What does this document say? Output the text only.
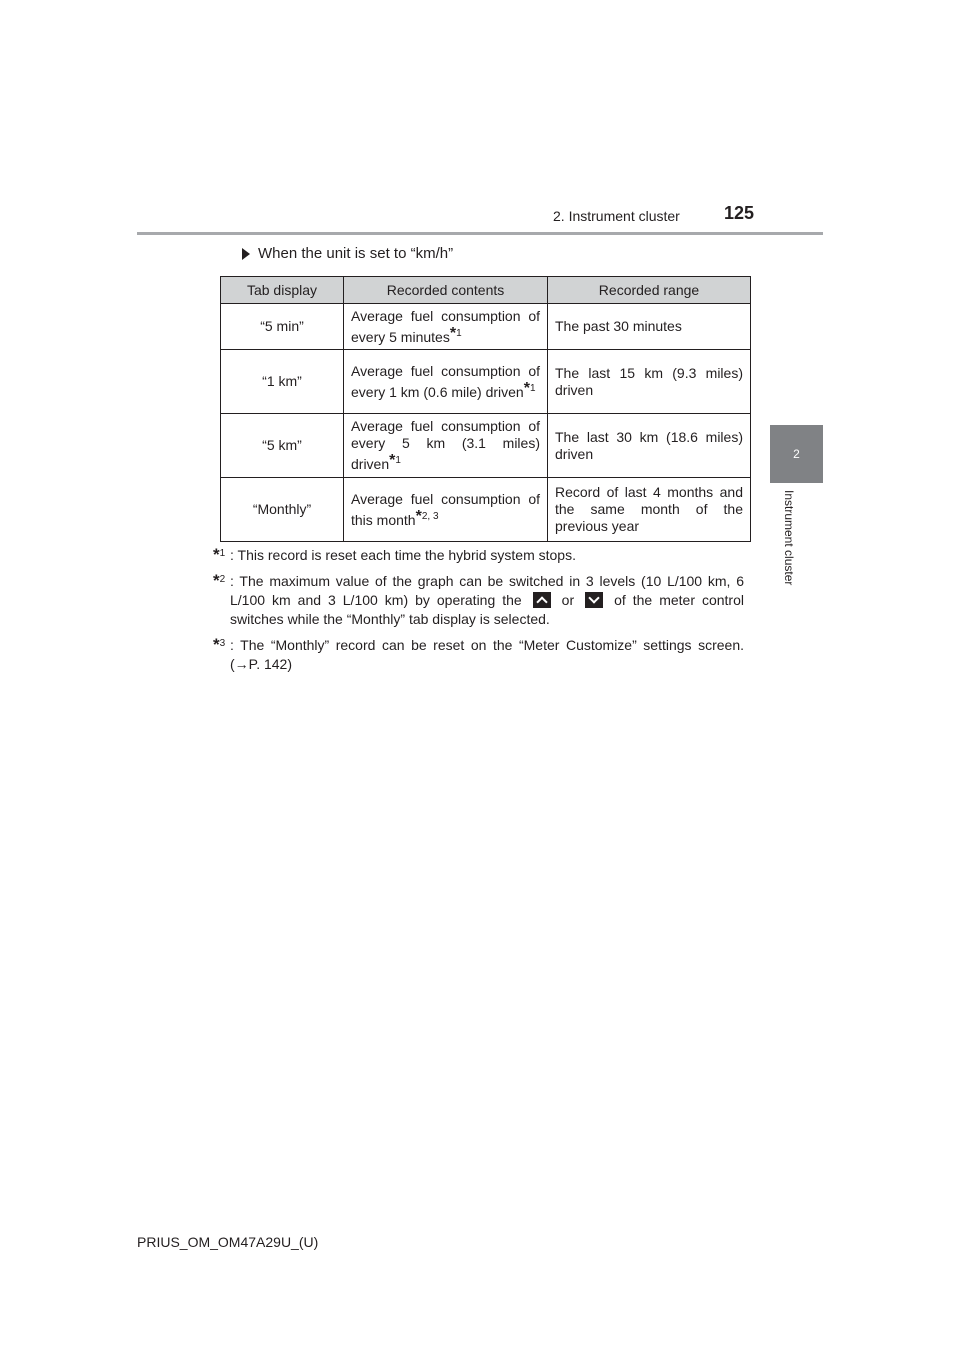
2. Instrument cluster 125
2
Instrument cluster
When the unit is set to “km/h”
Tab display	Recorded contents	Recorded range
“5 min”	Average fuel consumption of every 5 minutes*$^1$	The past 30 minutes
“1 km”	Average fuel consumption of every 1 km (0.6 mile) driven*$^1$	The last 15 km (9.3 miles) driven
“5 km”	Average fuel consumption of every 5 km (3.1 miles) driven*$^1$	The last 30 km (18.6 miles) driven
“Monthly”	Average fuel consumption of this month*$^{2, 3}$	Record of last 4 months and the same month of the previous year
*$^1$ : This record is reset each time the hybrid system stops.
*$^2$ : The maximum value of the graph can be switched in 3 levels (10 L/100 km, 6 L/100 km and 3 L/100 km) by operating the	or	of the meter control switches while the “Monthly” tab display is selected.
*$^3$ : The “Monthly” record can be reset on the “Meter Customize” settings screen. (→P. 142)
PRIUS_OM_OM47A29U_(U)
